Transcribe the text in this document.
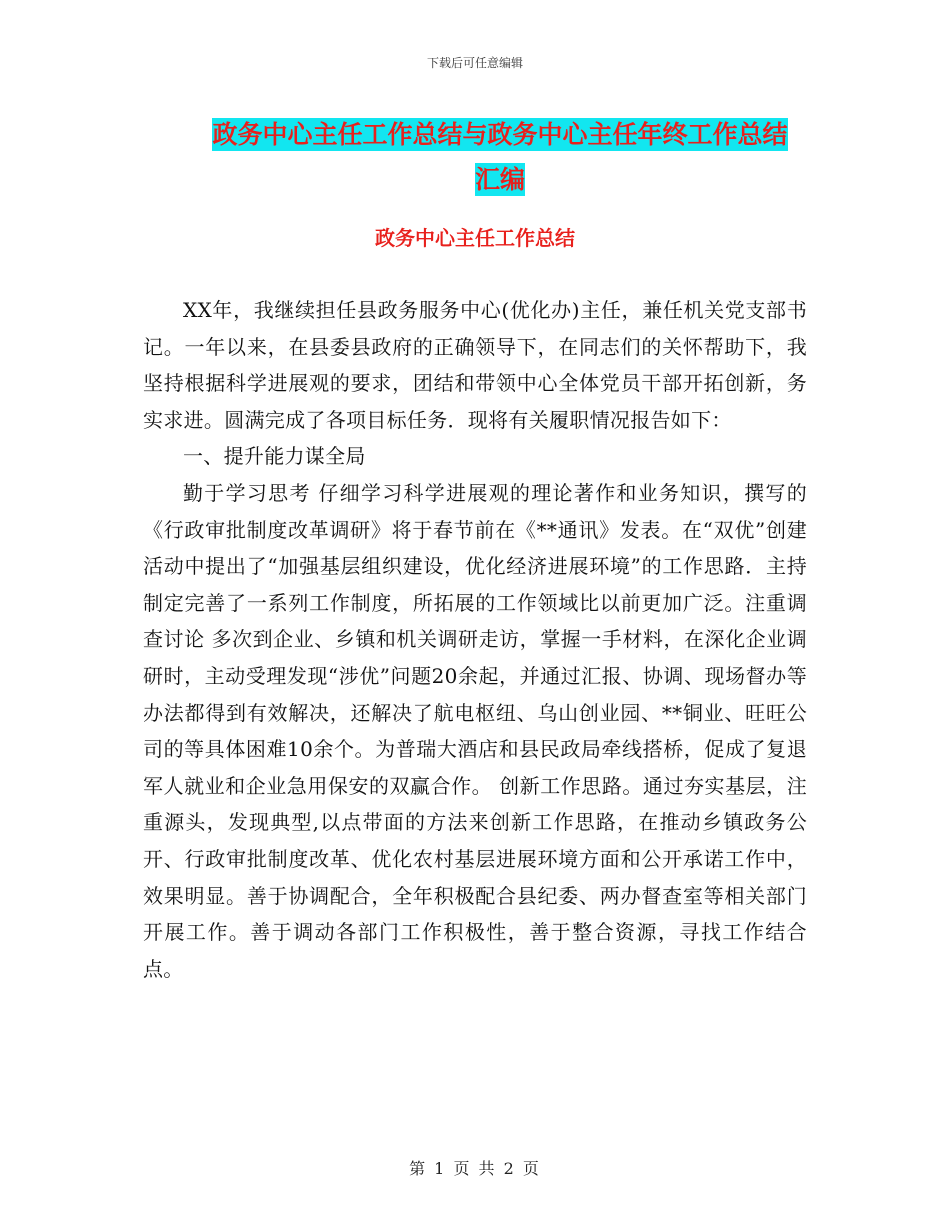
下载后可任意编辑
政务中心主任工作总结与政务中心主任年终工作总结
汇编
政务中心主任工作总结

XX年，我继续担任县政务服务中心(优化办)主任，兼任机关党支部书记。一年以来，在县委县政府的正确领导下，在同志们的关怀帮助下，我坚持根据科学进展观的要求，团结和带领中心全体党员干部开拓创新，务实求进。圆满完成了各项目标任务．现将有关履职情况报告如下：

一、提升能力谋全局

勤于学习思考 仔细学习科学进展观的理论著作和业务知识，撰写的《行政审批制度改革调研》将于春节前在《**通讯》发表。在“双优”创建活动中提出了“加强基层组织建设，优化经济进展环境”的工作思路．主持制定完善了一系列工作制度，所拓展的工作领域比以前更加广泛。注重调查讨论 多次到企业、乡镇和机关调研走访，掌握一手材料，在深化企业调研时，主动受理发现“涉优”问题20余起，并通过汇报、协调、现场督办等办法都得到有效解决，还解决了航电枢纽、乌山创业园、**铜业、旺旺公司的等具体困难10余个。为普瑞大酒店和县民政局牵线搭桥，促成了复退军人就业和企业急用保安的双赢合作。 创新工作思路。通过夯实基层，注重源头，发现典型,以点带面的方法来创新工作思路，在推动乡镇政务公开、行政审批制度改革、优化农村基层进展环境方面和公开承诺工作中，效果明显。善于协调配合，全年积极配合县纪委、两办督查室等相关部门开展工作。善于调动各部门工作积极性，善于整合资源，寻找工作结合点。

第 1 页 共 2 页
